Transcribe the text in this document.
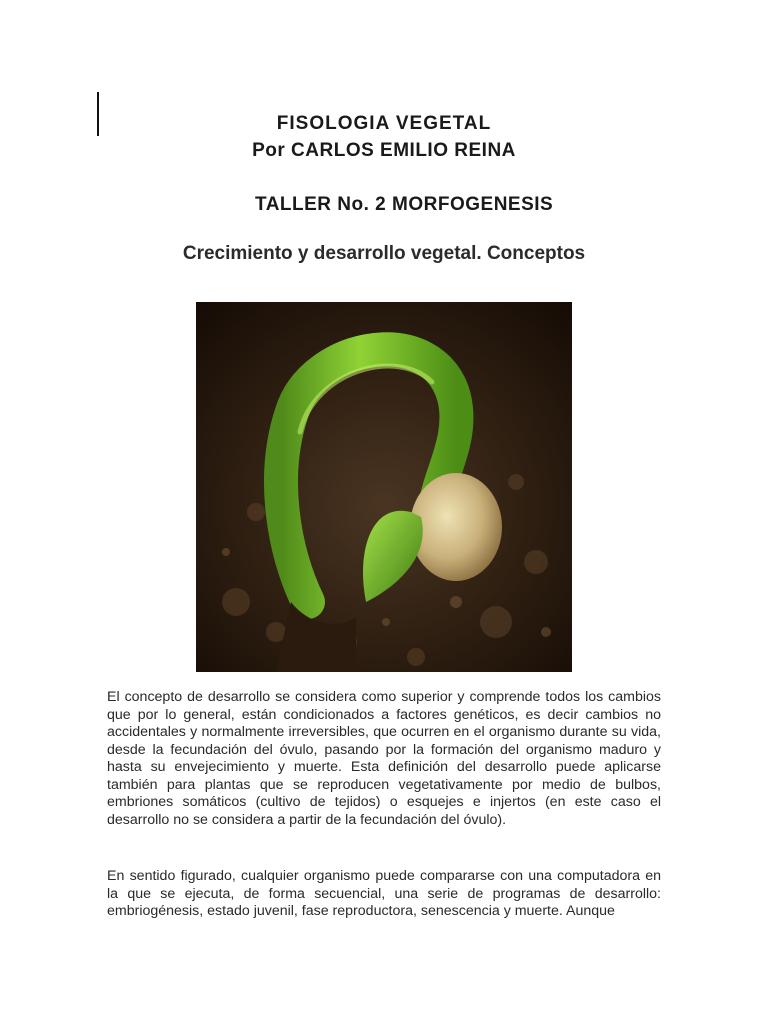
FISOLOGIA VEGETAL
Por CARLOS EMILIO REINA
TALLER No. 2 MORFOGENESIS
Crecimiento y desarrollo vegetal. Conceptos

El concepto de desarrollo se considera como superior y comprende todos los cambios que por lo general, están condicionados a factores genéticos, es decir cambios no accidentales y normalmente irreversibles, que ocurren en el organismo durante su vida, desde la fecundación del óvulo, pasando por la formación del organismo maduro y hasta su envejecimiento y muerte. Esta definición del desarrollo puede aplicarse también para plantas que se reproducen vegetativamente por medio de bulbos, embriones somáticos (cultivo de tejidos) o esquejes e injertos (en este caso el desarrollo no se considera a partir de la fecundación del óvulo).

En sentido figurado, cualquier organismo puede compararse con una computadora en la que se ejecuta, de forma secuencial, una serie de programas de desarrollo: embriogénesis, estado juvenil, fase reproductora, senescencia y muerte. Aunque
